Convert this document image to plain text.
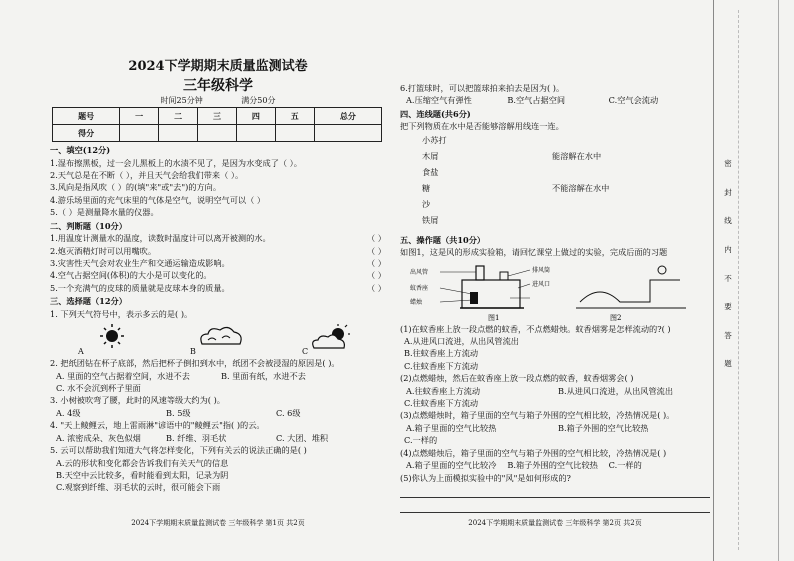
密
封
线
内
不
要
答
题
2024下学期期末质量监测试卷
三年级科学
时间25分钟	满分50分
题号	一	二	三	四	五	总分
得分						
一、填空(12分)
1.湿布擦黑板，过一会儿黑板上的水渍不见了，是因为水变成了（ ）。
2.天气总是在不断（ ），并且天气会给我们带来（ ）。
3.风向是指风吹（ ）的(填"来"或"去")的方向。
4.游乐场里面的充气床里的气体是空气，说明空气可以（ ）
5.（ ）是测量降水量的仪器。
二、判断题（10分）
1.用温度计测量水的温度，读数时温度计可以离开被测的水。	（ ）
2.炮灭酒精灯时可以用嘴吹。	（ ）
3.灾害性天气会对农业生产和交通运输造成影响。	（ ）
4.空气占据空间(体积)的大小是可以变化的。	（ ）
5.一个充满气的皮球的质量就是皮球本身的质量。	（ ）
三、选择题（12分）
1. 下列天气符号中，表示多云的是( )。
A	B	C
2. 把纸团钻在杯子底部，然后把杯子倒扣到水中，纸团不会被浸湿的原因是( )。
A. 里面的空气占据着空间，水进不去	B. 里面有纸，水进不去
C. 水不会沉到杯子里面
3. 小树被吹弯了腰，此时的风速等级大约为( )。
A. 4级	B. 5级	C. 6级
4. "天上鲮鲤云，地上雷雨淋"谚语中的"鲮鲤云"指( )的云。
A. 浓密成朵、灰色似烟	B. 纤维、羽毛状	C. 大团、堆积
5. 云可以帮助我们知道大气将怎样变化，下列有关云的说法正确的是( )
A.云的形状和变化都会告诉我们有关天气的信息
B.天空中云比较多，看时能看到太阳，记录为阴
C.观察到纤维、羽毛状的云时，很可能会下雨
2024下学期期末质量监测试卷 三年级科学 第1页 共2页
6.打篮球时，可以把篮球拍来拍去是因为( )。
A.压缩空气有弹性	B.空气占据空间	C.空气会流动
四、连线题(共6分)
把下列物质在水中是否能够溶解用线连一连。
小苏打
木屑
食盐
糖
沙
铁屑
能溶解在水中
不能溶解在水中
五、操作题（共10分）
如图1，这是风的形成实验箱，请回忆课堂上做过的实验，完成后面的习题
出风管
蚊香座
排风筒
进风口
蜡烛
图1	图2
(1)在蚊香座上放一段点燃的蚊香，不点燃蜡烛。蚊香烟雾是怎样流动的?( )
A.从进风口流进，从出风管流出
B.往蚊香座上方流动
C.往蚊香座下方流动
(2)点燃蜡烛，然后在蚊香座上放一段点燃的蚊香，蚊香烟雾会( )
A.往蚊香座上方流动	B.从进风口流进，从出风管流出
C.往蚊香座下方流动
(3)点燃蜡烛时，箱子里面的空气与箱子外围的空气相比较，冷热情况是( )。
A.箱子里面的空气比较热	B.箱子外围的空气比较热
C.一样的
(4)点燃蜡烛后，箱子里面的空气与箱子外围的空气相比较，冷热情况是( )
A.箱子里面的空气比较冷	B.箱子外围的空气比较热	C.一样的
(5)你认为上面模拟实验中的"风"是如何形成的?
2024下学期期末质量监测试卷 三年级科学 第2页 共2页
